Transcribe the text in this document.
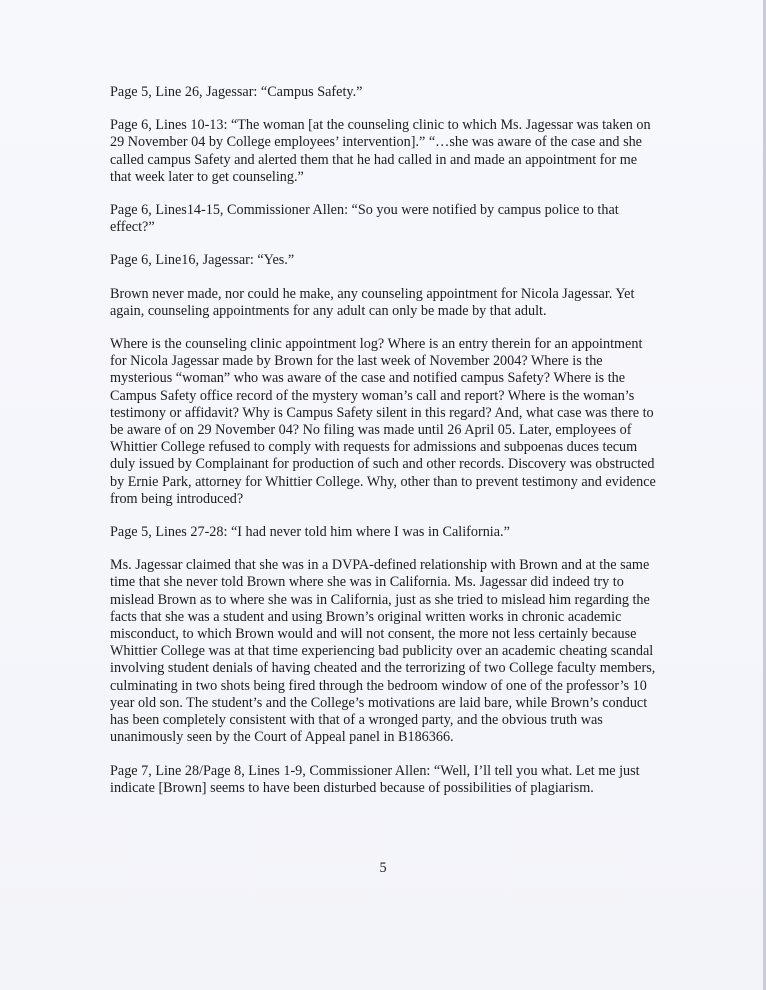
Page 5, Line 26, Jagessar: “Campus Safety.”

Page 6, Lines 10-13: “The woman [at the counseling clinic to which Ms. Jagessar was taken on 29 November 04 by College employees’ intervention].” “…she was aware of the case and she called campus Safety and alerted them that he had called in and made an appointment for me that week later to get counseling.”

Page 6, Lines14-15, Commissioner Allen: “So you were notified by campus police to that effect?”

Page 6, Line16, Jagessar: “Yes.”

Brown never made, nor could he make, any counseling appointment for Nicola Jagessar. Yet again, counseling appointments for any adult can only be made by that adult.

Where is the counseling clinic appointment log? Where is an entry therein for an appointment for Nicola Jagessar made by Brown for the last week of November 2004? Where is the mysterious “woman” who was aware of the case and notified campus Safety? Where is the Campus Safety office record of the mystery woman’s call and report? Where is the woman’s testimony or affidavit? Why is Campus Safety silent in this regard? And, what case was there to be aware of on 29 November 04? No filing was made until 26 April 05. Later, employees of Whittier College refused to comply with requests for admissions and subpoenas duces tecum duly issued by Complainant for production of such and other records. Discovery was obstructed by Ernie Park, attorney for Whittier College. Why, other than to prevent testimony and evidence from being introduced?

Page 5, Lines 27-28: “I had never told him where I was in California.”

Ms. Jagessar claimed that she was in a DVPA-defined relationship with Brown and at the same time that she never told Brown where she was in California. Ms. Jagessar did indeed try to mislead Brown as to where she was in California, just as she tried to mislead him regarding the facts that she was a student and using Brown’s original written works in chronic academic misconduct, to which Brown would and will not consent, the more not less certainly because Whittier College was at that time experiencing bad publicity over an academic cheating scandal involving student denials of having cheated and the terrorizing of two College faculty members, culminating in two shots being fired through the bedroom window of one of the professor’s 10 year old son. The student’s and the College’s motivations are laid bare, while Brown’s conduct has been completely consistent with that of a wronged party, and the obvious truth was unanimously seen by the Court of Appeal panel in B186366.

Page 7, Line 28/Page 8, Lines 1-9, Commissioner Allen: “Well, I’ll tell you what. Let me just indicate [Brown] seems to have been disturbed because of possibilities of plagiarism.

5
